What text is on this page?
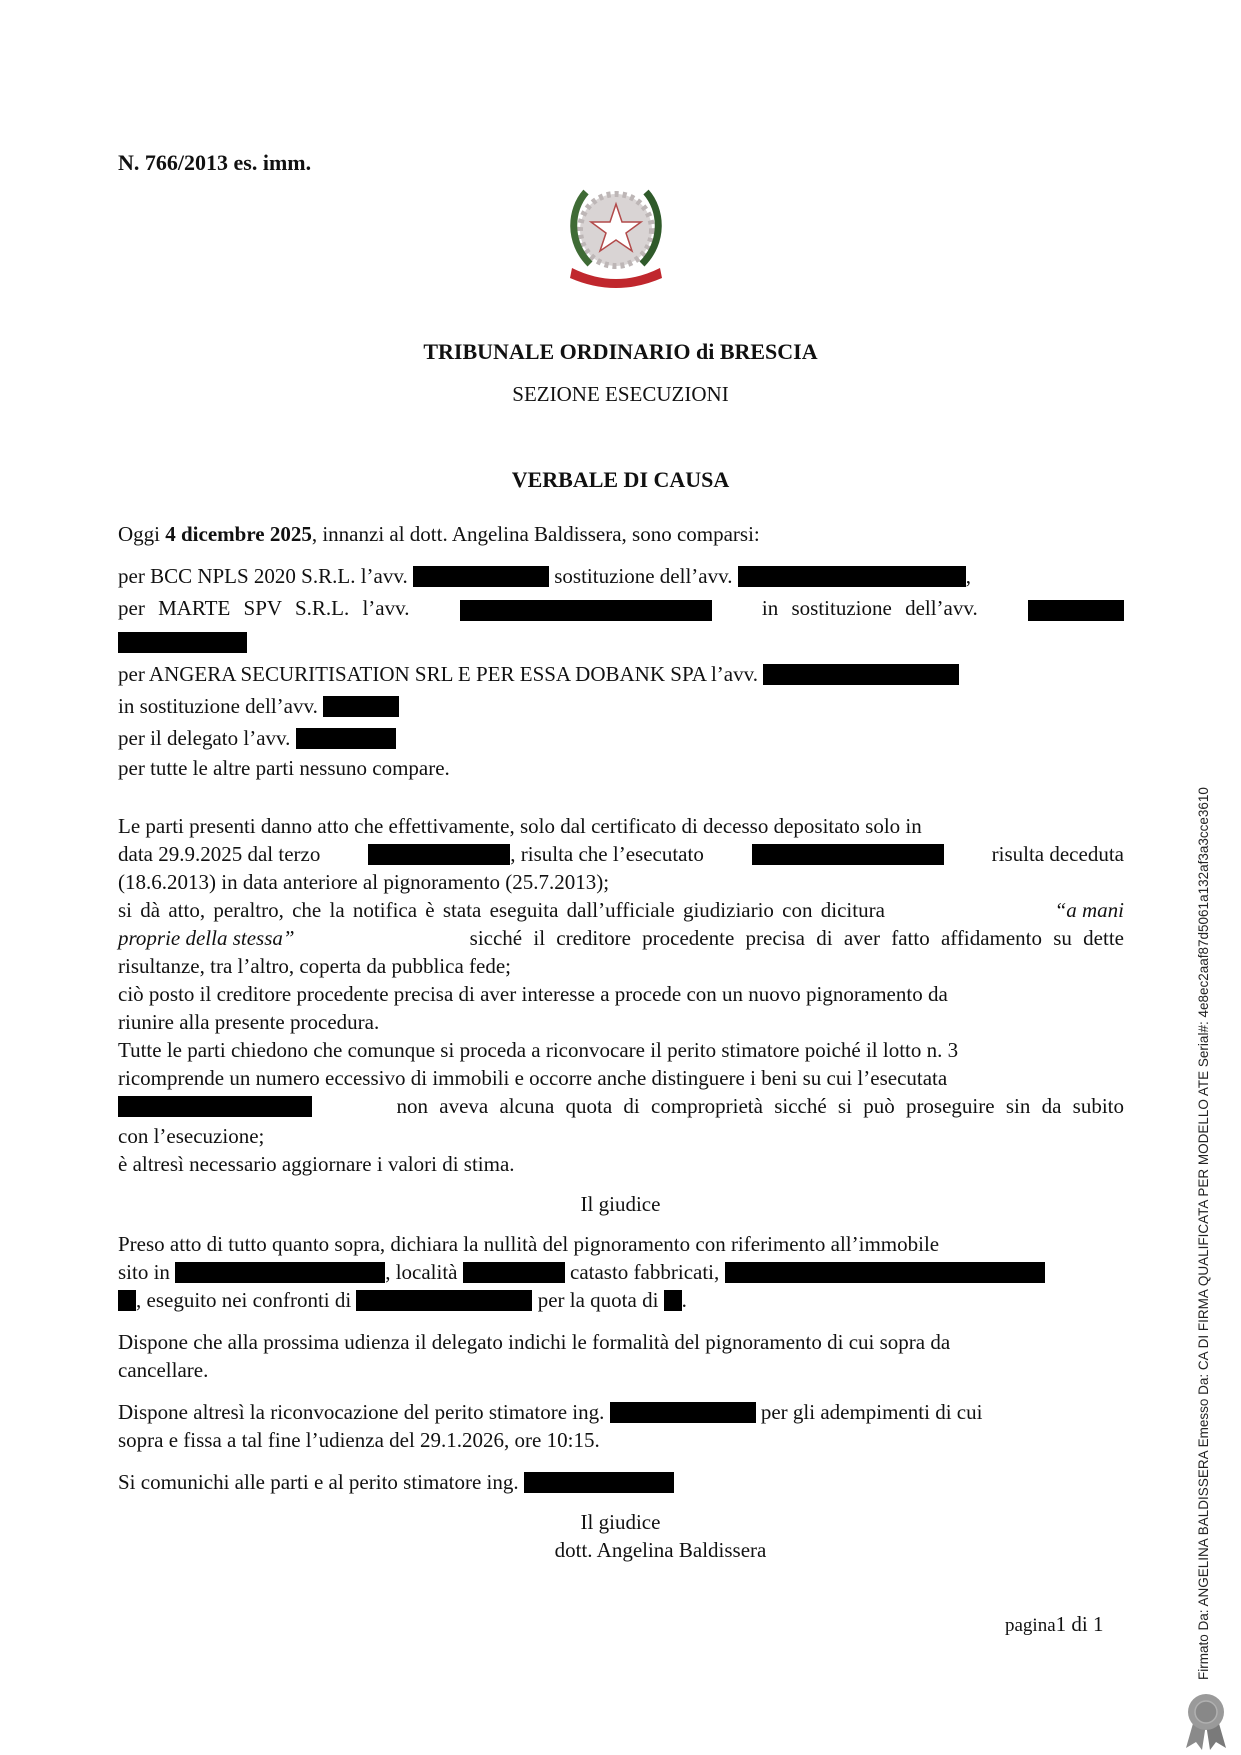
N. 766/2013 es. imm.
TRIBUNALE ORDINARIO di BRESCIA
SEZIONE ESECUZIONI
VERBALE DI CAUSA
Oggi 4 dicembre 2025, innanzi al dott. Angelina Baldissera, sono comparsi:
per BCC NPLS 2020 S.R.L. l’avv.	sostituzione dell’avv.	,
per MARTE SPV S.R.L. l’avv.	in sostituzione dell’avv.
per ANGERA SECURITISATION SRL E PER ESSA DOBANK SPA l’avv.
in sostituzione dell’avv.
per il delegato l’avv.
per tutte le altre parti nessuno compare.
Le parti presenti danno atto che effettivamente, solo dal certificato di decesso depositato solo in
data 29.9.2025 dal terzo	, risulta che l’esecutato	risulta deceduta
(18.6.2013) in data anteriore al pignoramento (25.7.2013);
si dà atto, peraltro, che la notifica è stata eseguita dall’ufficiale giudiziario con dicitura	“a mani
proprie della stessa”	sicché il creditore procedente precisa di aver fatto affidamento su dette
risultanze, tra l’altro, coperta da pubblica fede;
ciò posto il creditore procedente precisa di aver interesse a procede con un nuovo pignoramento da
riunire alla presente procedura.
Tutte le parti chiedono che comunque si proceda a riconvocare il perito stimatore poiché il lotto n. 3
ricomprende un numero eccessivo di immobili e occorre anche distinguere i beni su cui l’esecutata
non aveva alcuna quota di comproprietà sicché si può proseguire sin da subito
con l’esecuzione;
è altresì necessario aggiornare i valori di stima.
Il giudice
Preso atto di tutto quanto sopra, dichiara la nullità del pignoramento con riferimento all’immobile
sito in	, località	catasto fabbricati,
, eseguito nei confronti di	per la quota di .
Dispone che alla prossima udienza il delegato indichi le formalità del pignoramento di cui sopra da
cancellare.
Dispone altresì la riconvocazione del perito stimatore ing.	per gli adempimenti di cui
sopra e fissa a tal fine l’udienza del 29.1.2026, ore 10:15.
Si comunichi alle parti e al perito stimatore ing.
Il giudice
dott. Angelina Baldissera
pagina1 di 1	Firmato Da: ANGELINA BALDISSERA Emesso Da: CA DI FIRMA QUALIFICATA PER MODELLO ATE Serial#: 4e8ec2aaf87d5061a132af3a3cce3610
